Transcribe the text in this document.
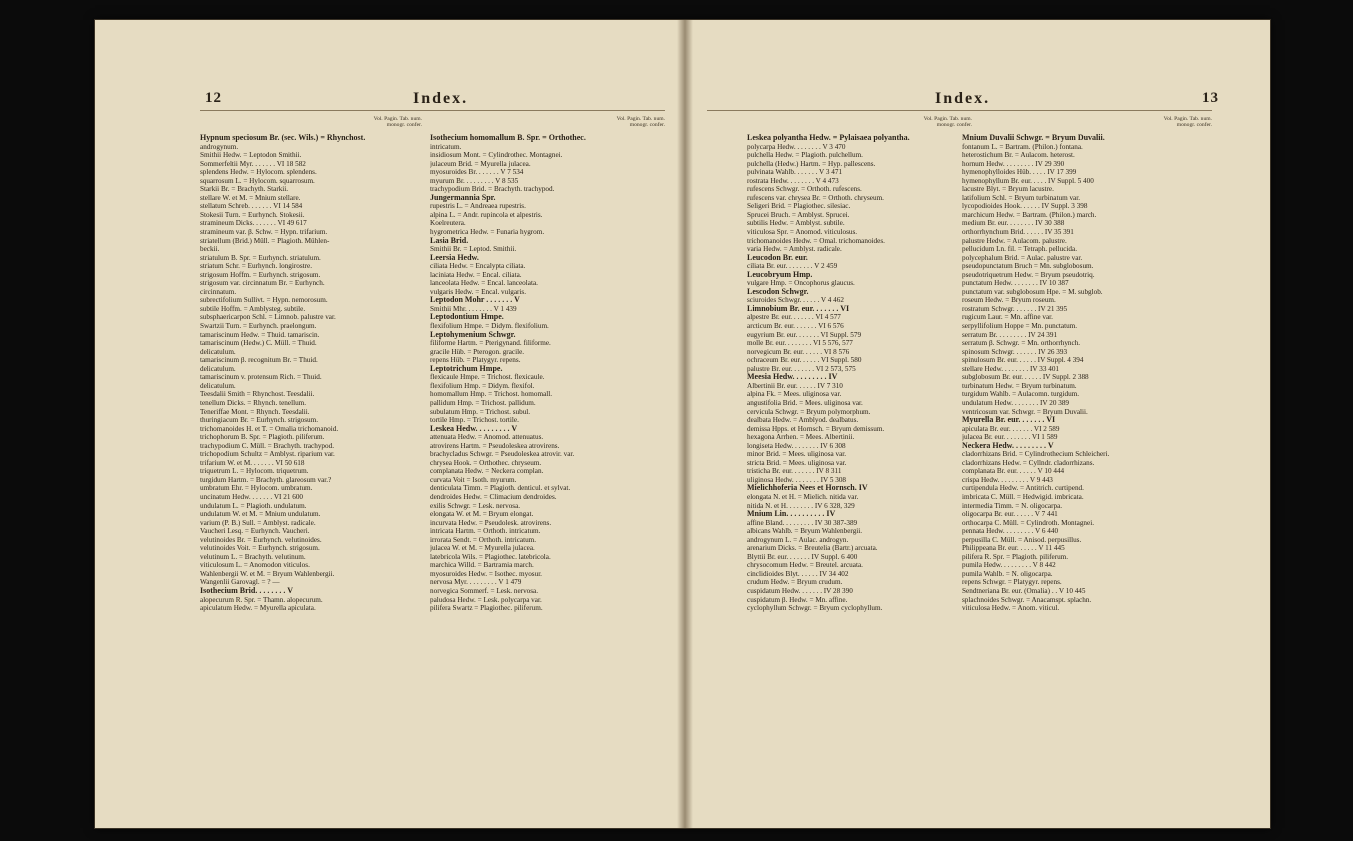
12	Index.
Vol. Pagin. Tab. num.
monogr. confer.
Hypnum speciosum Br. (sec. Wils.) = Rhynchost.
androgynum.
Smithii Hedw. = Leptodon Smithii.
Sommerfeltii Myr. . . . . . . VI 18 582
splendens Hedw. = Hylocom. splendens.
squarrosum L. = Hylocom. squarrosum.
Starkii Br. = Brachyth. Starkii.
stellare W. et M. = Mnium stellare.
stellatum Schreb. . . . . . . VI 14 584
Stokesii Turn. = Eurhynch. Stokesii.
stramineum Dicks. . . . . . . VI 49 617
stramineum var. β. Schw. = Hypn. trifarium.
striatellum (Brid.) Müll. = Plagioth. Mühlen-
beckii.
striatulum B. Spr. = Eurhynch. striatulum.
striatum Schr. = Eurhynch. longirostre.
strigosum Hoffm. = Eurhynch. strigosum.
strigosum var. circinnatum Br. = Eurhynch.
circinnatum.
subrectifolium Sullivt. = Hypn. nemorosum.
subtile Hoffm. = Amblysteg. subtile.
subsphaericarpon Schl. = Limnob. palustre var.
Swartzii Turn. = Eurhynch. praelongum.
tamariscinum Hedw. = Thuid. tamariscin.
tamariscinum (Hedw.) C. Müll. = Thuid.
delicatulum.
tamariscinum β. recognitum Br. = Thuid.
delicatulum.
tamariscinum v. protensum Rich. = Thuid.
delicatulum.
Teesdalii Smith = Rhynchost. Teesdalii.
tenellum Dicks. = Rhynch. tenellum.
Teneriffae Mont. = Rhynch. Teesdalii.
thuringiacum Br. = Eurhynch. strigosum.
trichomanoides H. et T. = Omalia trichomanoid.
trichophorum B. Spr. = Plagioth. piliferum.
trachypodium C. Müll. = Brachyth. trachypod.
trichopodium Schultz = Amblyst. riparium var.
trifarium W. et M. . . . . . . VI 50 618
triquetrum L. = Hylocom. triquetrum.
turgidum Hartm. = Brachyth. glareosum var.?
umbratum Ehr. = Hylocom. umbratum.
uncinatum Hedw. . . . . . . VI 21 600
undulatum L. = Plagioth. undulatum.
undulatum W. et M. = Mnium undulatum.
varium (P. B.) Sull. = Amblyst. radicale.
Vaucheri Lesq. = Eurhynch. Vaucheri.
velutinoides Br. = Eurhynch. velutinoides.
velutinoides Voit. = Eurhynch. strigosum.
velutinum L. = Brachyth. velutinum.
viticulosum L. = Anomodon viticulos.
Wahlenbergii W. et M. = Bryum Wahlenbergii.
Wangenlii Garovagl. = ? —
Isothecium Brid. . . . . . . . V
alopecurum R. Spr. = Thamn. alopecurum.
apiculatum Hedw. = Myurella apiculata.
Vol. Pagin. Tab. num.
monogr. confer.
Isothecium homomallum B. Spr. = Orthothec.
intricatum.
insidiosum Mont. = Cylindrothec. Montagnei.
julaceum Brid. = Myurella julacea.
myosuroides Br. . . . . . . V 7 534
myurum Br. . . . . . . . . V 8 535
trachypodium Brid. = Brachyth. trachypod.
Jungermannia Spr.
rupestris L. = Andreaea rupestris.
alpina L. = Andr. rupincola et alpestris.
Koelreutera.
hygrometrica Hedw. = Funaria hygrom.
Lasia Brid.
Smithii Br. = Leptod. Smithii.
Leersia Hedw.
ciliata Hedw. = Encalypta ciliata.
laciniata Hedw. = Encal. ciliata.
lanceolata Hedw. = Encal. lanceolata.
vulgaris Hedw. = Encal. vulgaris.
Leptodon Mohr . . . . . . . V
Smithii Mhr. . . . . . . . V 1 439
Leptodontium Hmpe.
flexifolium Hmpe. = Didym. flexifolium.
Leptohymenium Schwgr.
filiforme Hartm. = Pterigynand. filiforme.
gracile Hüb. = Pterogon. gracile.
repens Hüb. = Platygyr. repens.
Leptotrichum Hmpe.
flexicaule Hmpe. = Trichost. flexicaule.
flexifolium Hmp. = Didym. flexifol.
homomallum Hmp. = Trichost. homomall.
pallidum Hmp. = Trichost. pallidum.
subulatum Hmp. = Trichost. subul.
tortile Hmp. = Trichost. tortile.
Leskea Hedw. . . . . . . . . V
attenuata Hedw. = Anomod. attenuatus.
atrovirens Hartm. = Pseudoleskea atrovirens.
brachycladus Schwgr. = Pseudoleskea atrovir. var.
chrysea Hook. = Orthothec. chryseum.
complanata Hedw. = Neckera complan.
curvata Voit = Isoth. myurum.
denticulata Timm. = Plagioth. denticul. et sylvat.
dendroides Hedw. = Climacium dendroides.
exilis Schwgr. = Lesk. nervosa.
elongata W. et M. = Bryum elongat.
incurvata Hedw. = Pseudolesk. atrovirens.
intricata Hartm. = Orthoth. intricatum.
irrorata Sendt. = Orthoth. intricatum.
julacea W. et M. = Myurella julacea.
latebricola Wils. = Plagiothec. latebricola.
marchica Willd. = Bartramia march.
myosuroides Hedw. = Isothec. myosur.
nervosa Myr. . . . . . . . . V 1 479
norvegica Sommerf. = Lesk. nervosa.
paludosa Hedw. = Lesk. polycarpa var.
pilifera Swartz = Plagiothec. piliferum.
13
Index.
Vol. Pagin. Tab. num.
monogr. confer.
Leskea polyantha Hedw. = Pylaisaea polyantha.
polycarpa Hedw. . . . . . . . V 3 470
pulchella Hedw. = Plagioth. pulchellum.
pulchella (Hedw.) Hartm. = Hyp. pallescens.
pulvinata Wahlb. . . . . . . V 3 471
rostrata Hedw. . . . . . . . V 4 473
rufescens Schwgr. = Orthoth. rufescens.
rufescens var. chrysea Br. = Orthoth. chryseum.
Seligeri Brid. = Plagiothec. silesiac.
Sprucei Bruch. = Amblyst. Sprucei.
subtilis Hedw. = Amblyst. subtile.
viticulosa Spr. = Anomod. viticulosus.
trichomanoides Hedw. = Omal. trichomanoides.
varia Hedw. = Amblyst. radicale.
Leucodon Br. eur.
ciliata Br. eur. . . . . . . . V 2 459
Leucobryum Hmp.
vulgare Hmp. = Oncophorus glaucus.
Lescodon Schwgr.
sciuroides Schwgr. . . . . . V 4 462
Limnobium Br. eur. . . . . . . VI
alpestre Br. eur. . . . . . . VI 4 577
arcticum Br. eur. . . . . . . VI 6 576
eugyrium Br. eur. . . . . . . VI Suppl. 579
molle Br. eur. . . . . . . . VI 5 576, 577
norvegicum Br. eur. . . . . . VI 8 576
ochraceum Br. eur. . . . . . VI Suppl. 580
palustre Br. eur. . . . . . . VI 2 573, 575
Meesia Hedw. . . . . . . . . IV
Albertinii Br. eur. . . . . . IV 7 310
alpina Fk. = Mees. uliginosa var.
angustifolia Brid. = Mees. uliginosa var.
cervicula Schwgr. = Bryum polymorphum.
dealbata Hedw. = Amblyod. dealbatus.
demissa Hpps. et Hornsch. = Bryum demissum.
hexagona Arrhen. = Mees. Albertinii.
longiseta Hedw. . . . . . . . IV 6 308
minor Brid. = Mees. uliginosa var.
stricta Brid. = Mees. uliginosa var.
tristichа Br. eur. . . . . . . IV 8 311
uliginosa Hedw. . . . . . . . IV 5 308
Mielichhoferia Nees et Hornsch. IV
elongata N. et H. = Mielich. nitida var.
nitida N. et H. . . . . . . . IV 6 328, 329
Mnium Lin. . . . . . . . . . IV
affine Bland. . . . . . . . . IV 30 387-389
albicans Wahlb. = Bryum Wahlenbergii.
androgynum L. = Aulac. androgyn.
arenarium Dicks. = Breutelia (Bartr.) arcuata.
Blyttii Br. eur. . . . . . . IV Suppl. 6 400
chrysocomum Hedw. = Breutel. arcuata.
cinclidioides Blyt. . . . . . IV 34 402
crudum Hedw. = Bryum crudum.
cuspidatum Hedw. . . . . . . IV 28 390
cuspidatum β. Hedw. = Mn. affine.
cyclophyllum Schwgr. = Bryum cyclophyllum.
Vol. Pagin. Tab. num.
monogr. confer.
Mnium Duvalii Schwgr. = Bryum Duvalii.
fontanum L. = Bartram. (Philon.) fontana.
heterostichum Br. = Aulacom. heterost.
hornum Hedw. . . . . . . . . IV 29 390
hymenophylloides Hüb. . . . . IV 17 399
hymenophyllum Br. eur. . . . . IV Suppl. 5 400
lacustre Blyt. = Bryum lacustre.
latifolium Schl. = Bryum turbinatum var.
lycopodioides Hook. . . . . . IV Suppl. 3 398
marchicum Hedw. = Bartram. (Philon.) march.
medium Br. eur. . . . . . . . IV 30 388
orthorrhynchum Brid. . . . . . IV 35 391
palustre Hedw. = Aulacom. palustre.
pellucidum Ln. fil. = Tetraph. pellucida.
polycephalum Brid. = Aulac. palustre var.
pseudopunctatum Bruch = Mn. subglobosum.
pseudotriquetrum Hedw. = Bryum pseudotriq.
punctatum Hedw. . . . . . . . IV 10 387
punctatum var. subglobosum Hpe. = M. subglob.
roseum Hedw. = Bryum roseum.
rostratum Schwgr. . . . . . . IV 21 395
rugicum Laur. = Mn. affine var.
serpyllifolium Hoppe = Mn. punctatum.
serratum Br. . . . . . . . . IV 24 391
serratum β. Schwgr. = Mn. orthorrhynch.
spinosum Schwgr. . . . . . . IV 26 393
spinulosum Br. eur. . . . . . IV Suppl. 4 394
stellare Hedw. . . . . . . . IV 33 401
subglobosum Br. eur. . . . . . IV Suppl. 2 388
turbinatum Hedw. = Bryum turbinatum.
turgidum Wahlb. = Aulacomn. turgidum.
undulatum Hedw. . . . . . . . IV 20 389
ventricosum var. Schwgr. = Bryum Duvalii.
Myurella Br. eur. . . . . . . VI
apiculata Br. eur. . . . . . . VI 2 589
julacea Br. eur. . . . . . . . VI 1 589
Neckera Hedw. . . . . . . . . V
cladorrhizans Brid. = Cylindrothecium Schleicheri.
cladorrhizans Hedw. = Cyllndr. cladorrhizans.
complanata Br. eur. . . . . . V 10 444
crispa Hedw. . . . . . . . . V 9 443
curtipendula Hedw. = Antitrich. curtipend.
imbricata C. Müll. = Hedwigid. imbricata.
intermedia Timm. = N. oligocarpa.
oligocarpa Br. eur. . . . . . V 7 441
orthocarpa C. Müll. = Cylindroth. Montagnei.
pennata Hedw. . . . . . . . . V 6 440
perpusilla C. Müll. = Anisod. perpusillus.
Philippeana Br. eur. . . . . . V 11 445
pilifera R. Spr. = Plagioth. piliferum.
pumila Hedw. . . . . . . . . V 8 442
pumila Wahlb. = N. oligocarpa.
repens Schwgr. = Platygyr. repens.
Sendtneriana Br. eur. (Omalia) . . V 10 445
splachnoides Schwgr. = Anacamspt. splachn.
viticulosa Hedw. = Anom. viticul.
